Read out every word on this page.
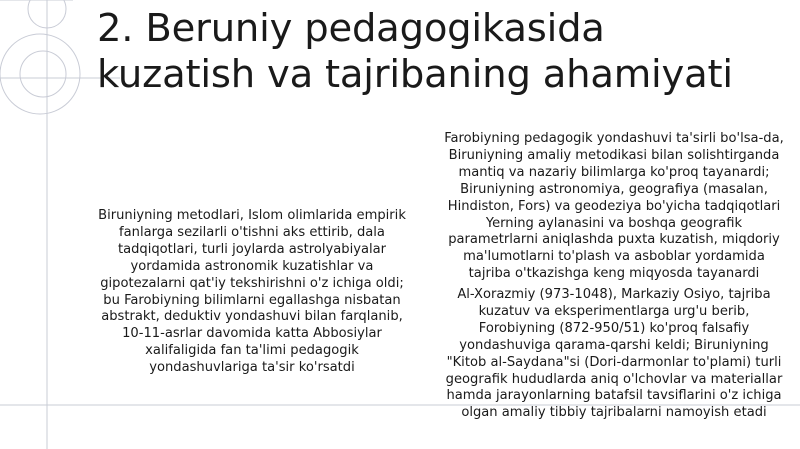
2. Beruniy pedagogikasida
kuzatish va tajribaning ahamiyati

Biruniyning metodlari, Islom olimlarida empirik fanlarga sezilarli o'tishni aks ettirib, dala tadqiqotlari, turli joylarda astrolyabiyalar yordamida astronomik kuzatishlar va gipotezalarni qat'iy tekshirishni o'z ichiga oldi; bu Farobiyning bilimlarni egallashga nisbatan abstrakt, deduktiv yondashuvi bilan farqlanib, 10-11-asrlar davomida katta Abbosiylar xalifaligida fan ta'limi pedagogik yondashuvlariga ta'sir ko'rsatdi

Farobiyning pedagogik yondashuvi ta'sirli bo'lsa-da, Biruniyning amaliy metodikasi bilan solishtirganda mantiq va nazariy bilimlarga ko'proq tayanardi; Biruniyning astronomiya, geografiya (masalan, Hindiston, Fors) va geodeziya bo'yicha tadqiqotlari Yerning aylanasini va boshqa geografik parametrlarni aniqlashda puxta kuzatish, miqdoriy ma'lumotlarni to'plash va asboblar yordamida tajriba o'tkazishga keng miqyosda tayanardi

Al-Xorazmiy (973-1048), Markaziy Osiyo, tajriba kuzatuv va eksperimentlarga urg'u berib, Forobiyning (872-950/51) ko'proq falsafiy yondashuviga qarama-qarshi keldi; Biruniyning "Kitob al-Saydana"si (Dori-darmonlar to'plami) turli geografik hududlarda aniq o'lchovlar va materiallar hamda jarayonlarning batafsil tavsiflarini o'z ichiga olgan amaliy tibbiy tajribalarni namoyish etadi
